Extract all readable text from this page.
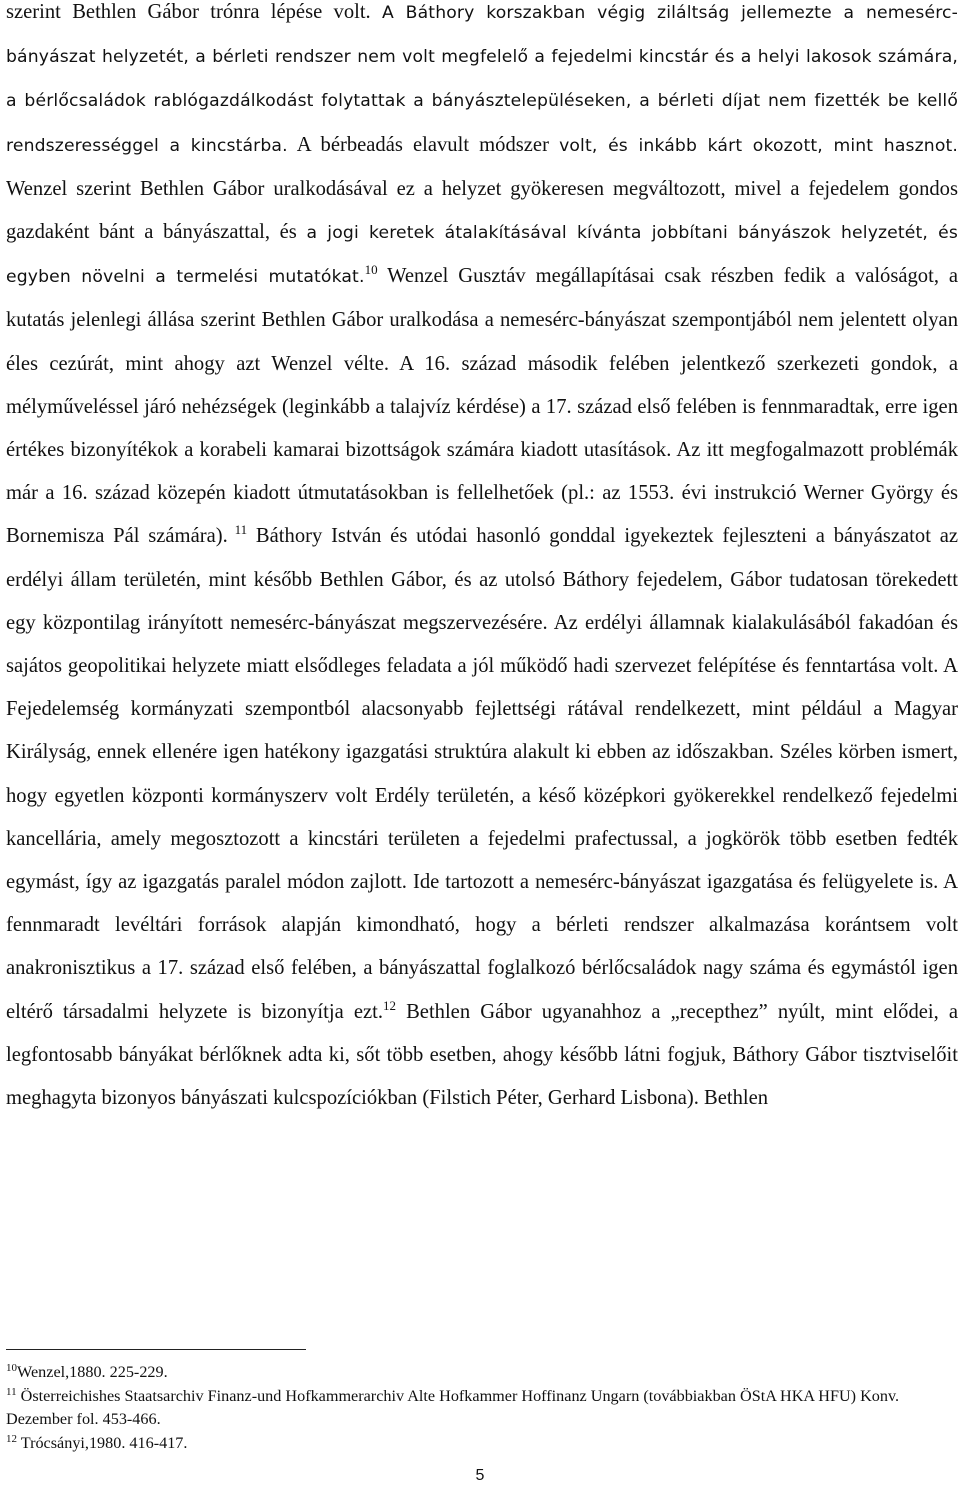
szerint Bethlen Gábor trónra lépése volt. A Báthory korszakban végig ziláltság jellemezte a nemesérc-bányászat helyzetét, a bérleti rendszer nem volt megfelelő a fejedelmi kincstár és a helyi lakosok számára, a bérlőcsaládok rablógazdálkodást folytattak a bányásztelepüléseken, a bérleti díjat nem fizették be kellő rendszerességgel a kincstárba. A bérbeadás elavult módszer volt, és inkább kárt okozott, mint hasznot. Wenzel szerint Bethlen Gábor uralkodásával ez a helyzet gyökeresen megváltozott, mivel a fejedelem gondos gazdaként bánt a bányászattal, és a jogi keretek átalakításával kívánta jobbítani bányászok helyzetét, és egyben növelni a termelési mutatókat.$^{10}$ Wenzel Gusztáv megállapításai csak részben fedik a valóságot, a kutatás jelenlegi állása szerint Bethlen Gábor uralkodása a nemesérc-bányászat szempontjából nem jelentett olyan éles cezúrát, mint ahogy azt Wenzel vélte. A 16. század második felében jelentkező szerkezeti gondok, a mélyműveléssel járó nehézségek (leginkább a talajvíz kérdése) a 17. század első felében is fennmaradtak, erre igen értékes bizonyítékok a korabeli kamarai bizottságok számára kiadott utasítások. Az itt megfogalmazott problémák már a 16. század közepén kiadott útmutatásokban is fellelhetőek (pl.: az 1553. évi instrukció Werner György és Bornemisza Pál számára). $^{11}$ Báthory István és utódai hasonló gonddal igyekeztek fejleszteni a bányászatot az erdélyi állam területén, mint később Bethlen Gábor, és az utolsó Báthory fejedelem, Gábor tudatosan törekedett egy központilag irányított nemesérc-bányászat megszervezésére. Az erdélyi államnak kialakulásából fakadóan és sajátos geopolitikai helyzete miatt elsődleges feladata a jól működő hadi szervezet felépítése és fenntartása volt. A Fejedelemség kormányzati szempontból alacsonyabb fejlettségi rátával rendelkezett, mint például a Magyar Királyság, ennek ellenére igen hatékony igazgatási struktúra alakult ki ebben az időszakban. Széles körben ismert, hogy egyetlen központi kormányszerv volt Erdély területén, a késő középkori gyökerekkel rendelkező fejedelmi kancellária, amely megosztozott a kincstári területen a fejedelmi prafectussal, a jogkörök több esetben fedték egymást, így az igazgatás paralel módon zajlott. Ide tartozott a nemesérc-bányászat igazgatása és felügyelete is. A fennmaradt levéltári források alapján kimondható, hogy a bérleti rendszer alkalmazása korántsem volt anakronisztikus a 17. század első felében, a bányászattal foglalkozó bérlőcsaládok nagy száma és egymástól igen eltérő társadalmi helyzete is bizonyítja ezt.$^{12}$ Bethlen Gábor ugyanahhoz a „recepthez” nyúlt, mint elődei, a legfontosabb bányákat bérlőknek adta ki, sőt több esetben, ahogy később látni fogjuk, Báthory Gábor tisztviselőit meghagyta bizonyos bányászati kulcspozíciókban (Filstich Péter, Gerhard Lisbona). Bethlen

$^{10}$Wenzel,1880. 225-229.

$^{11}$ Österreichishes Staatsarchiv Finanz-und Hofkammerarchiv Alte Hofkammer Hoffinanz Ungarn (továbbiakban ÖStA HKA HFU) Konv. Dezember fol. 453-466.

$^{12}$ Trócsányi,1980. 416-417.

5
